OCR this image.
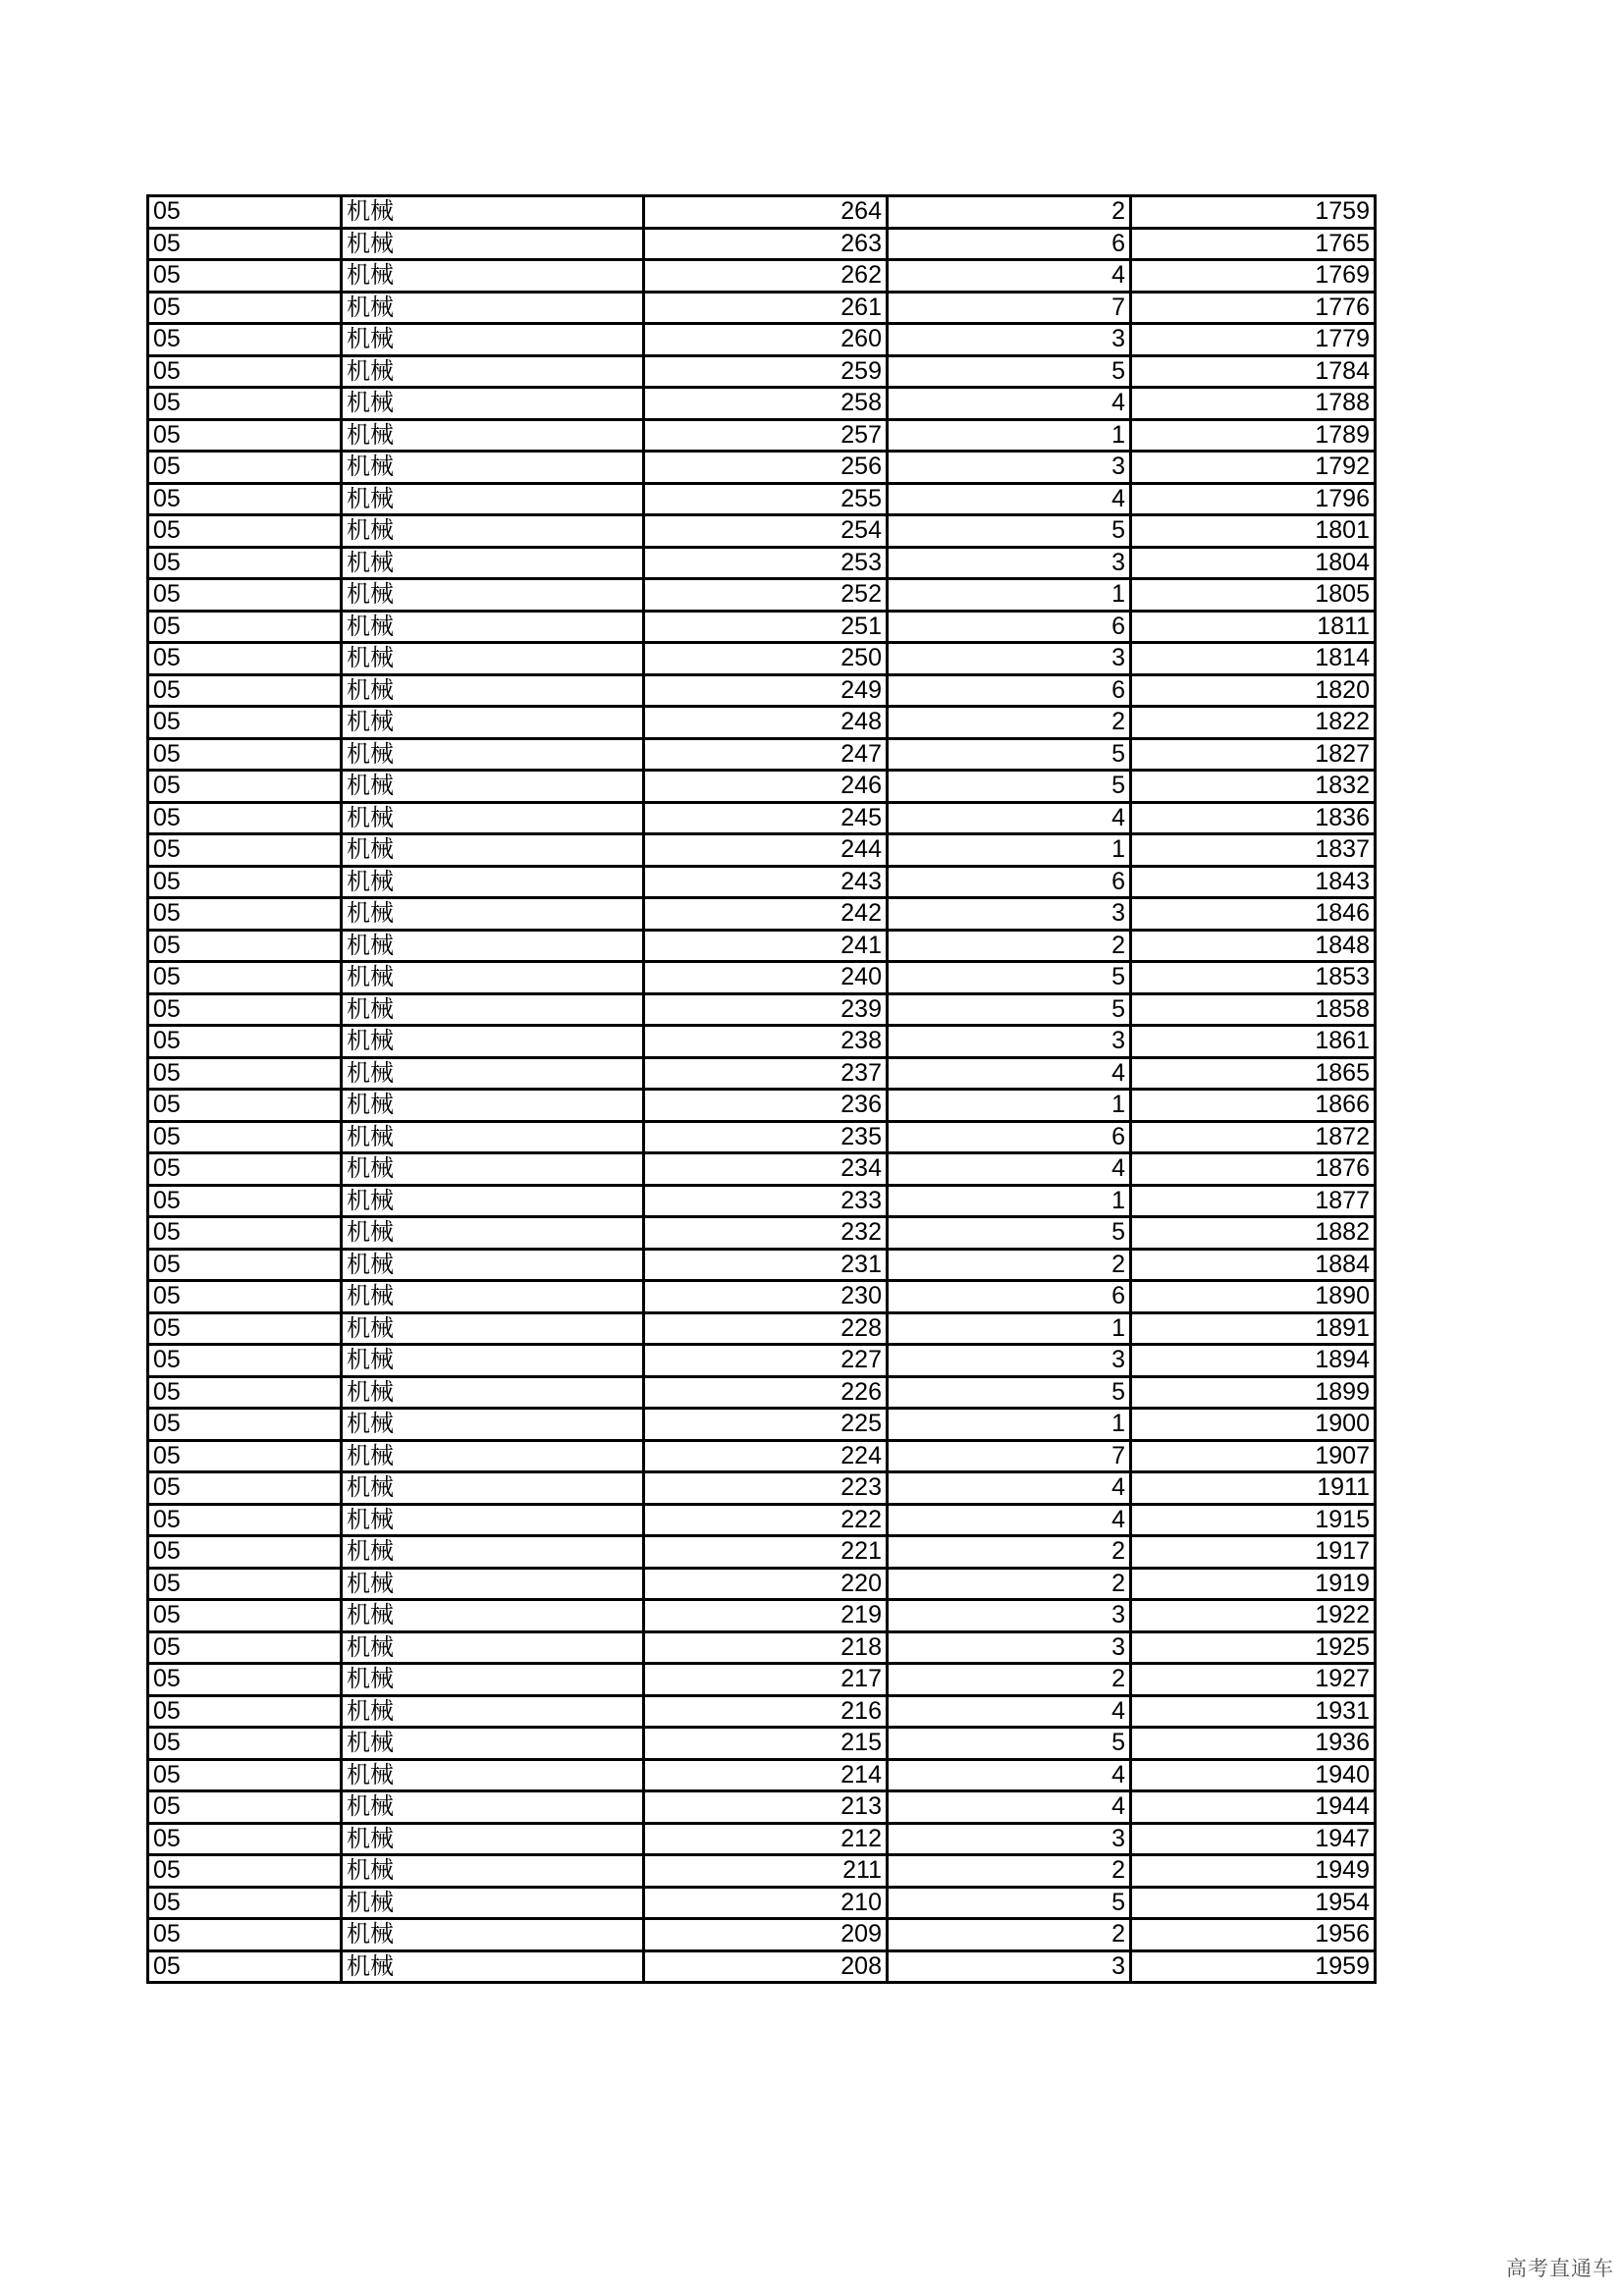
05	机械	264	2	1759
05	机械	263	6	1765
05	机械	262	4	1769
05	机械	261	7	1776
05	机械	260	3	1779
05	机械	259	5	1784
05	机械	258	4	1788
05	机械	257	1	1789
05	机械	256	3	1792
05	机械	255	4	1796
05	机械	254	5	1801
05	机械	253	3	1804
05	机械	252	1	1805
05	机械	251	6	1811
05	机械	250	3	1814
05	机械	249	6	1820
05	机械	248	2	1822
05	机械	247	5	1827
05	机械	246	5	1832
05	机械	245	4	1836
05	机械	244	1	1837
05	机械	243	6	1843
05	机械	242	3	1846
05	机械	241	2	1848
05	机械	240	5	1853
05	机械	239	5	1858
05	机械	238	3	1861
05	机械	237	4	1865
05	机械	236	1	1866
05	机械	235	6	1872
05	机械	234	4	1876
05	机械	233	1	1877
05	机械	232	5	1882
05	机械	231	2	1884
05	机械	230	6	1890
05	机械	228	1	1891
05	机械	227	3	1894
05	机械	226	5	1899
05	机械	225	1	1900
05	机械	224	7	1907
05	机械	223	4	1911
05	机械	222	4	1915
05	机械	221	2	1917
05	机械	220	2	1919
05	机械	219	3	1922
05	机械	218	3	1925
05	机械	217	2	1927
05	机械	216	4	1931
05	机械	215	5	1936
05	机械	214	4	1940
05	机械	213	4	1944
05	机械	212	3	1947
05	机械	211	2	1949
05	机械	210	5	1954
05	机械	209	2	1956
05	机械	208	3	1959
高考直通车
